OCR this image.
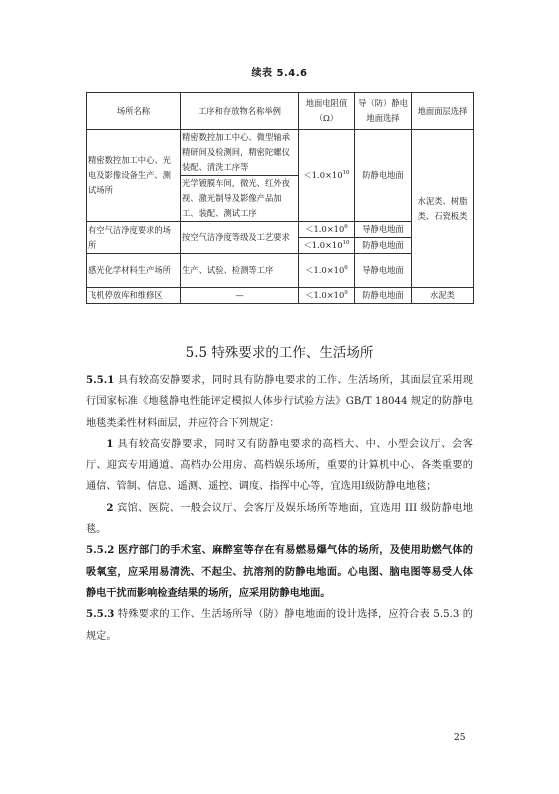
续表 5.4.6
场所名称	工序和存放物名称举例	地面电阻值（Ω）	导（防）静电地面选择	地面面层选择
精密数控加工中心、光电及影像设备生产、测试场所	精密数控加工中心、微型轴承精研间及检测间，精密陀螺仪装配、清洗工序等	$<1.0\times 10^{10}$	防静电地面	水泥类、树脂类、石瓷板类
	光学镀膜车间，微光、红外夜视、激光制导及影像产品加工、装配、测试工序			
有空气洁净度要求的场所	按空气洁净度等级及工艺要求	$<1.0\times 10^6$	导静电地面	
		$<1.0\times 10^{10}$	防静电地面	
感光化学材料生产场所	生产、试验、检测等工序	$<1.0\times 10^6$	导静电地面	
飞机停放库和维修区	—	$<1.0\times 10^9$	防静电地面	水泥类
5.5 特殊要求的工作、生活场所

5.5.1 具有较高安静要求，同时具有防静电要求的工作、生活场所，其面层宜采用现行国家标准《地毯静电性能评定模拟人体步行试验方法》GB/T 18044 规定的防静电地毯类柔性材料面层，并应符合下列规定：

1 具有较高安静要求，同时又有防静电要求的高档大、中、小型会议厅、会客厅、迎宾专用通道、高档办公用房、高档娱乐场所，重要的计算机中心、各类重要的通信、管制、信息、遥测、遥控、调度、指挥中心等，宜选用Ⅰ级防静电地毯；

2 宾馆、医院、一般会议厅、会客厅及娱乐场所等地面，宜选用 III 级防静电地毯。

5.5.2 医疗部门的手术室、麻醉室等存在有易燃易爆气体的场所，及使用助燃气体的吸氧室，应采用易清洗、不起尘、抗溶剂的防静电地面。心电图、脑电图等易受人体静电干扰而影响检查结果的场所，应采用防静电地面。

5.5.3 特殊要求的工作、生活场所导（防）静电地面的设计选择，应符合表 5.5.3 的规定。

25
